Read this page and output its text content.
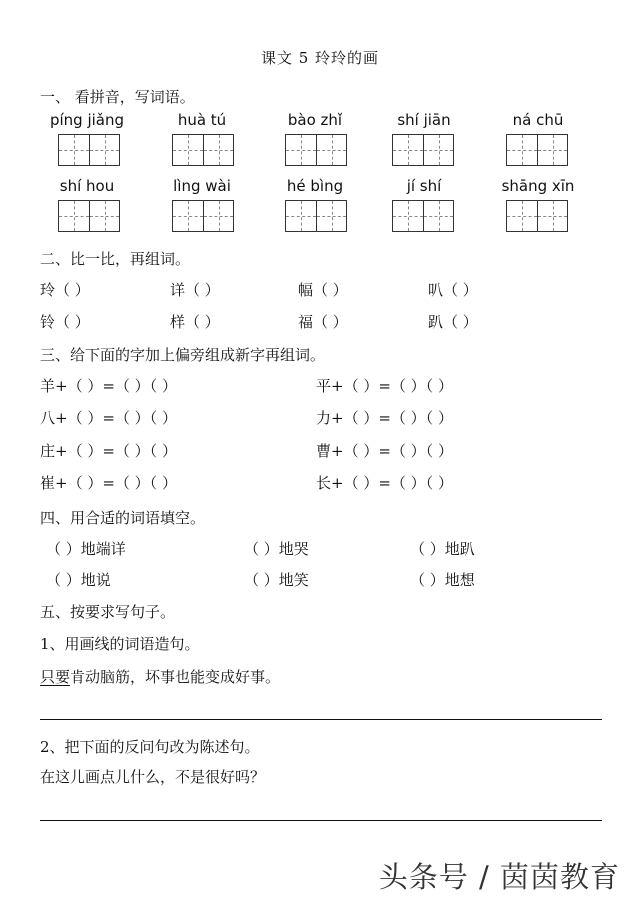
课文 5 玲玲的画
一、 看拼音，写词语。
píng jiǎng	huà tú	bào zhǐ	shí jiān	ná chū
shí hou	lìng wài	hé bìng	jí shí	shāng xīn
二、比一比，再组词。
玲（ ）	详（ ）	幅（ ）	叭（ ）
铃（ ）	样（ ）	福（ ）	趴（ ）
三、给下面的字加上偏旁组成新字再组词。
羊+（ ）=（ ）（ ）	平+（ ）=（ ）（ ）
八+（ ）=（ ）（ ）	力+（ ）=（ ）（ ）
庄+（ ）=（ ）（ ）	曹+（ ）=（ ）（ ）
崔+（ ）=（ ）（ ）	长+（ ）=（ ）（ ）
四、用合适的词语填空。
（ ）地端详	（ ）地哭	（ ）地趴
（ ）地说	（ ）地笑	（ ）地想
五、按要求写句子。
1、用画线的词语造句。
只要肯动脑筋，坏事也能变成好事。
2、把下面的反问句改为陈述句。
在这儿画点儿什么，不是很好吗？
头条号 / 茵茵教育
